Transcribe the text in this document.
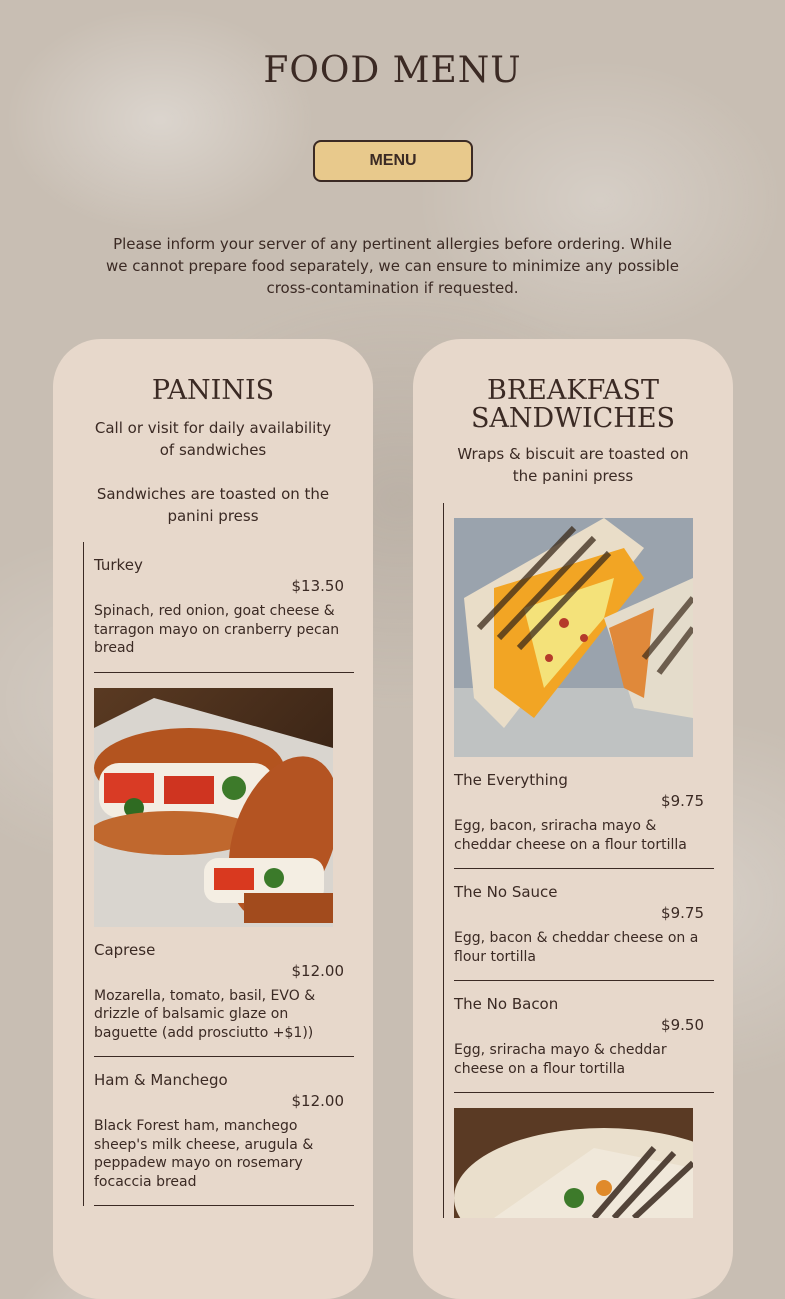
FOOD MENU
MENU
Please inform your server of any pertinent allergies before ordering. While we cannot prepare food separately, we can ensure to minimize any possible cross-contamination if requested.
PANINIS
Call or visit for daily availability of sandwiches
Sandwiches are toasted on the panini press
Turkey
$13.50
Spinach, red onion, goat cheese & tarragon mayo on cranberry pecan bread
Caprese
$12.00
Mozarella, tomato, basil, EVO & drizzle of balsamic glaze on baguette (add prosciutto +$1))
Ham & Manchego
$12.00
Black Forest ham, manchego sheep's milk cheese, arugula & peppadew mayo on rosemary focaccia bread
BREAKFAST SANDWICHES
Wraps & biscuit are toasted on the panini press
The Everything
$9.75
Egg, bacon, sriracha mayo & cheddar cheese on a flour tortilla
The No Sauce
$9.75
Egg, bacon & cheddar cheese on a flour tortilla
The No Bacon
$9.50
Egg, sriracha mayo & cheddar cheese on a flour tortilla
